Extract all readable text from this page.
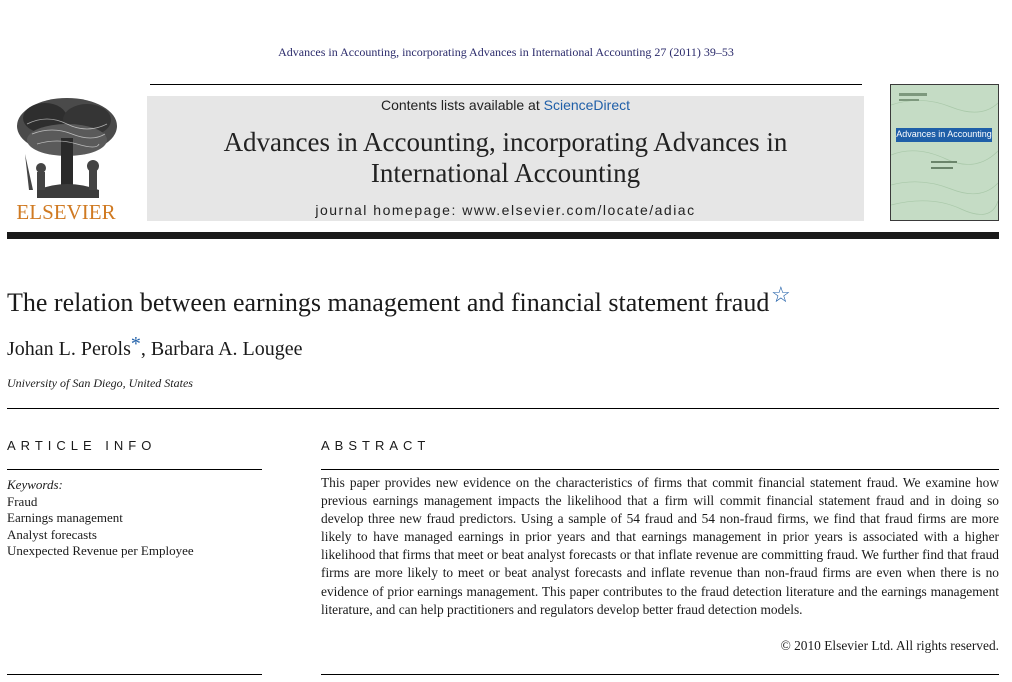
Advances in Accounting, incorporating Advances in International Accounting 27 (2011) 39–53
ELSEVIER
Contents lists available at ScienceDirect
Advances in Accounting, incorporating Advances in
International Accounting
journal homepage: www.elsevier.com/locate/adiac
Advances in Accounting
The relation between earnings management and financial statement fraud ☆
Johan L. Perols*, Barbara A. Lougee
University of San Diego, United States
ARTICLE INFO
Keywords:
Fraud
Earnings management
Analyst forecasts
Unexpected Revenue per Employee
ABSTRACT
This paper provides new evidence on the characteristics of firms that commit financial statement fraud. We examine how previous earnings management impacts the likelihood that a firm will commit financial statement fraud and in doing so develop three new fraud predictors. Using a sample of 54 fraud and 54 non-fraud firms, we find that fraud firms are more likely to have managed earnings in prior years and that earnings management in prior years is associated with a higher likelihood that firms that meet or beat analyst forecasts or that inflate revenue are committing fraud. We further find that fraud firms are more likely to meet or beat analyst forecasts and inflate revenue than non-fraud firms are even when there is no evidence of prior earnings management. This paper contributes to the fraud detection literature and the earnings management literature, and can help practitioners and regulators develop better fraud detection models.
© 2010 Elsevier Ltd. All rights reserved.
